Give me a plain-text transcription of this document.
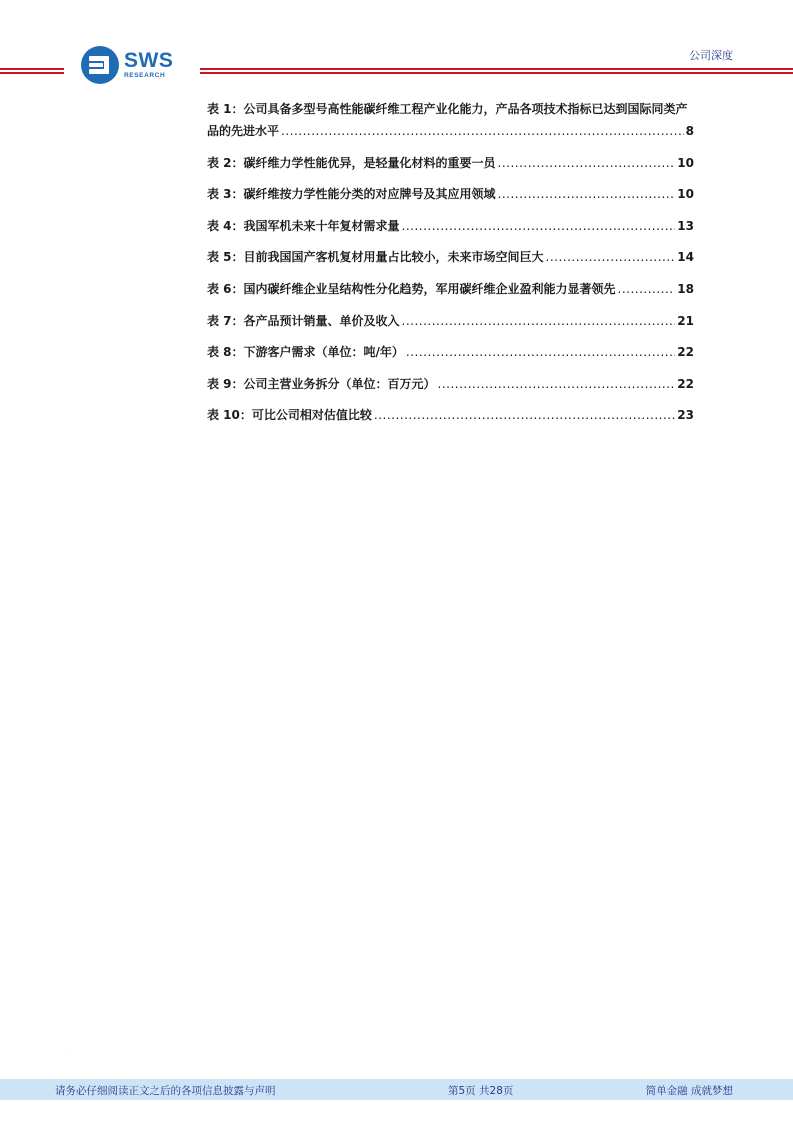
SWS
RESEARCH
公司深度
表 1：公司具备多型号高性能碳纤维工程产业化能力，产品各项技术指标已达到国际同类产
品的先进水平 .....	8
表 2：碳纤维力学性能优异，是轻量化材料的重要一员 .....	10
表 3：碳纤维按力学性能分类的对应牌号及其应用领域 .....	10
表 4：我国军机未来十年复材需求量 .....	13
表 5：目前我国国产客机复材用量占比较小，未来市场空间巨大 .....	14
表 6：国内碳纤维企业呈结构性分化趋势，军用碳纤维企业盈利能力显著领先 .....	18
表 7：各产品预计销量、单价及收入 .....	21
表 8：下游客户需求（单位：吨/年） .....	22
表 9：公司主营业务拆分（单位：百万元） .....	22
表 10：可比公司相对估值比较 .....	23
◦
请务必仔细阅读正文之后的各项信息披露与声明	第5页 共28页	简单金融 成就梦想
